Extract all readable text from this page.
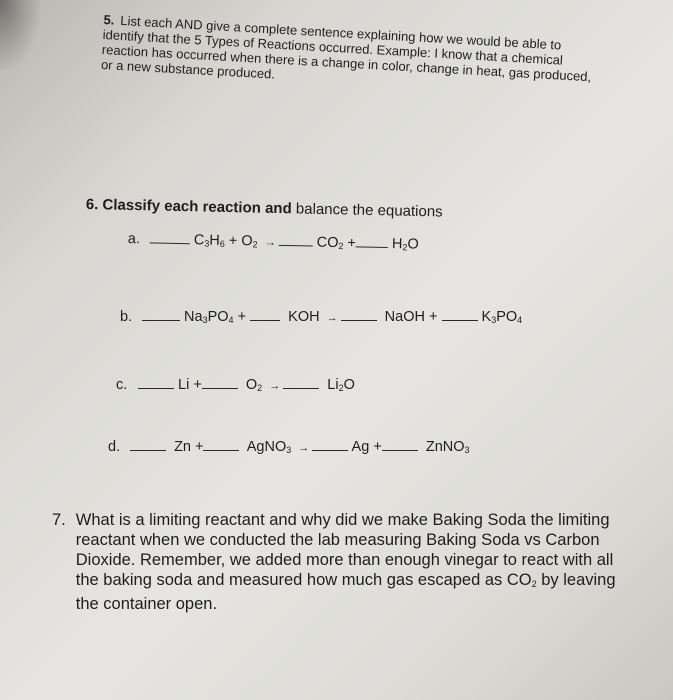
5. List each AND give a complete sentence explaining how we would be able to identify that the 5 Types of Reactions occurred. Example: I know that a chemical reaction has occurred when there is a change in color, change in heat, gas produced, or a new substance produced.
6. Classify each reaction and balance the equations
a.	$C_3H_6 + O_2$ →	$CO_2 + H_2O$
b.	$Na_3PO_4$ +	KOH →	NaOH +	$K_3PO_4$
c.	Li +	$O_2$ →	$Li_2O$
d.	Zn +	AgNO$_3$ →	Ag +	ZnNO$_3$
7. What is a limiting reactant and why did we make Baking Soda the limiting reactant when we conducted the lab measuring Baking Soda vs Carbon Dioxide. Remember, we added more than enough vinegar to react with all the baking soda and measured how much gas escaped as $CO_2$ by leaving the container open.
